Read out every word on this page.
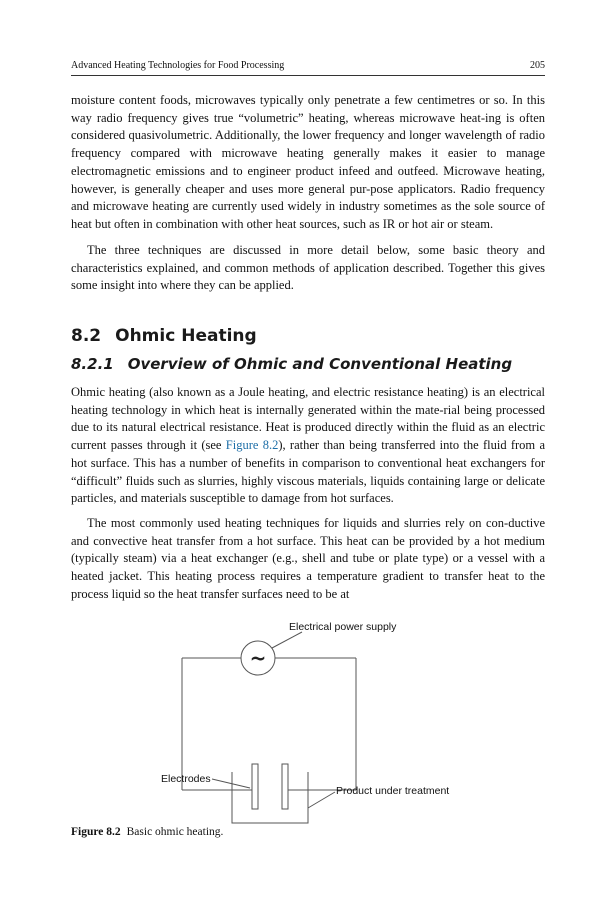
Advanced Heating Technologies for Food Processing	205

moisture content foods, microwaves typically only penetrate a few centimetres or so. In this way radio frequency gives true “volumetric” heating, whereas microwave heat-ing is often considered quasivolumetric. Additionally, the lower frequency and longer wavelength of radio frequency compared with microwave heating generally makes it easier to manage electromagnetic emissions and to engineer product infeed and outfeed. Microwave heating, however, is generally cheaper and uses more general pur-pose applicators. Radio frequency and microwave heating are currently used widely in industry sometimes as the sole source of heat but often in combination with other heat sources, such as IR or hot air or steam.

The three techniques are discussed in more detail below, some basic theory and characteristics explained, and common methods of application described. Together this gives some insight into where they can be applied.

8.2 Ohmic Heating
8.2.1 Overview of Ohmic and Conventional Heating

Ohmic heating (also known as a Joule heating, and electric resistance heating) is an electrical heating technology in which heat is internally generated within the mate-rial being processed due to its natural electrical resistance. Heat is produced directly within the fluid as an electric current passes through it (see Figure 8.2), rather than being transferred into the fluid from a hot surface. This has a number of benefits in comparison to conventional heat exchangers for “difficult” fluids such as slurries, highly viscous materials, liquids containing large or delicate particles, and materials susceptible to damage from hot surfaces.

The most commonly used heating techniques for liquids and slurries rely on con-ductive and convective heat transfer from a hot surface. This heat can be provided by a hot medium (typically steam) via a heat exchanger (e.g., shell and tube or plate type) or a vessel with a heated jacket. This heating process requires a temperature gradient to transfer heat to the process liquid so the heat transfer surfaces need to be at

~
Electrical power supply
Electrodes
Product under treatment
Figure 8.2 Basic ohmic heating.
